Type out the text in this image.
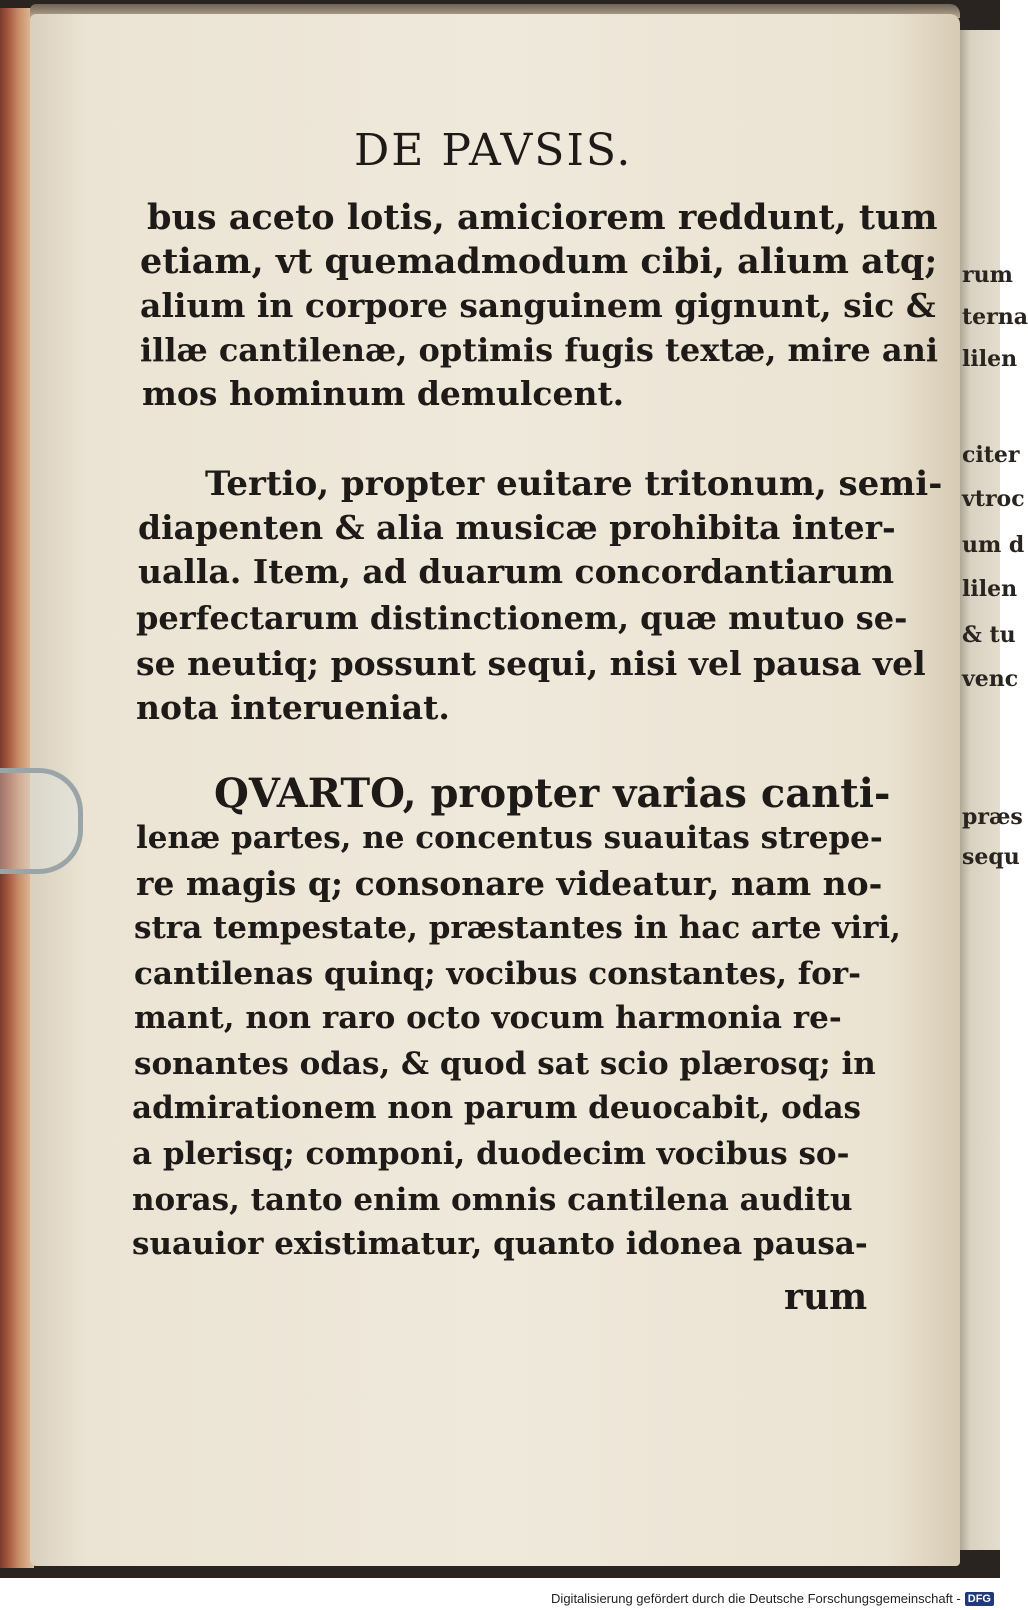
rum
terna
lilen
citer
vtroc
um d
lilen
& tu
venc
præs
sequ
DE PAVSIS.
bus aceto lotis, amiciorem reddunt, tum
etiam, vt quemadmodum cibi, alium atq;
alium in corpore sanguinem gignunt, sic &
illæ cantilenæ, optimis fugis textæ, mire ani
mos hominum demulcent.
Tertio, propter euitare tritonum, semi-
diapenten & alia musicæ prohibita inter-
ualla. Item, ad duarum concordantiarum
perfectarum distinctionem, quæ mutuo se-
se neutiq; possunt sequi, nisi vel pausa vel
nota interueniat.
QVARTO, propter varias canti-
lenæ partes, ne concentus suauitas strepe-
re magis q; consonare videatur, nam no-
stra tempestate, præstantes in hac arte viri,
cantilenas quinq; vocibus constantes, for-
mant, non raro octo vocum harmonia re-
sonantes odas, & quod sat scio plærosq; in
admirationem non parum deuocabit, odas
a plerisq; componi, duodecim vocibus so-
noras, tanto enim omnis cantilena auditu
suauior existimatur, quanto idonea pausa-
rum
Digitalisierung gefördert durch die Deutsche Forschungsgemeinschaft - DFG
